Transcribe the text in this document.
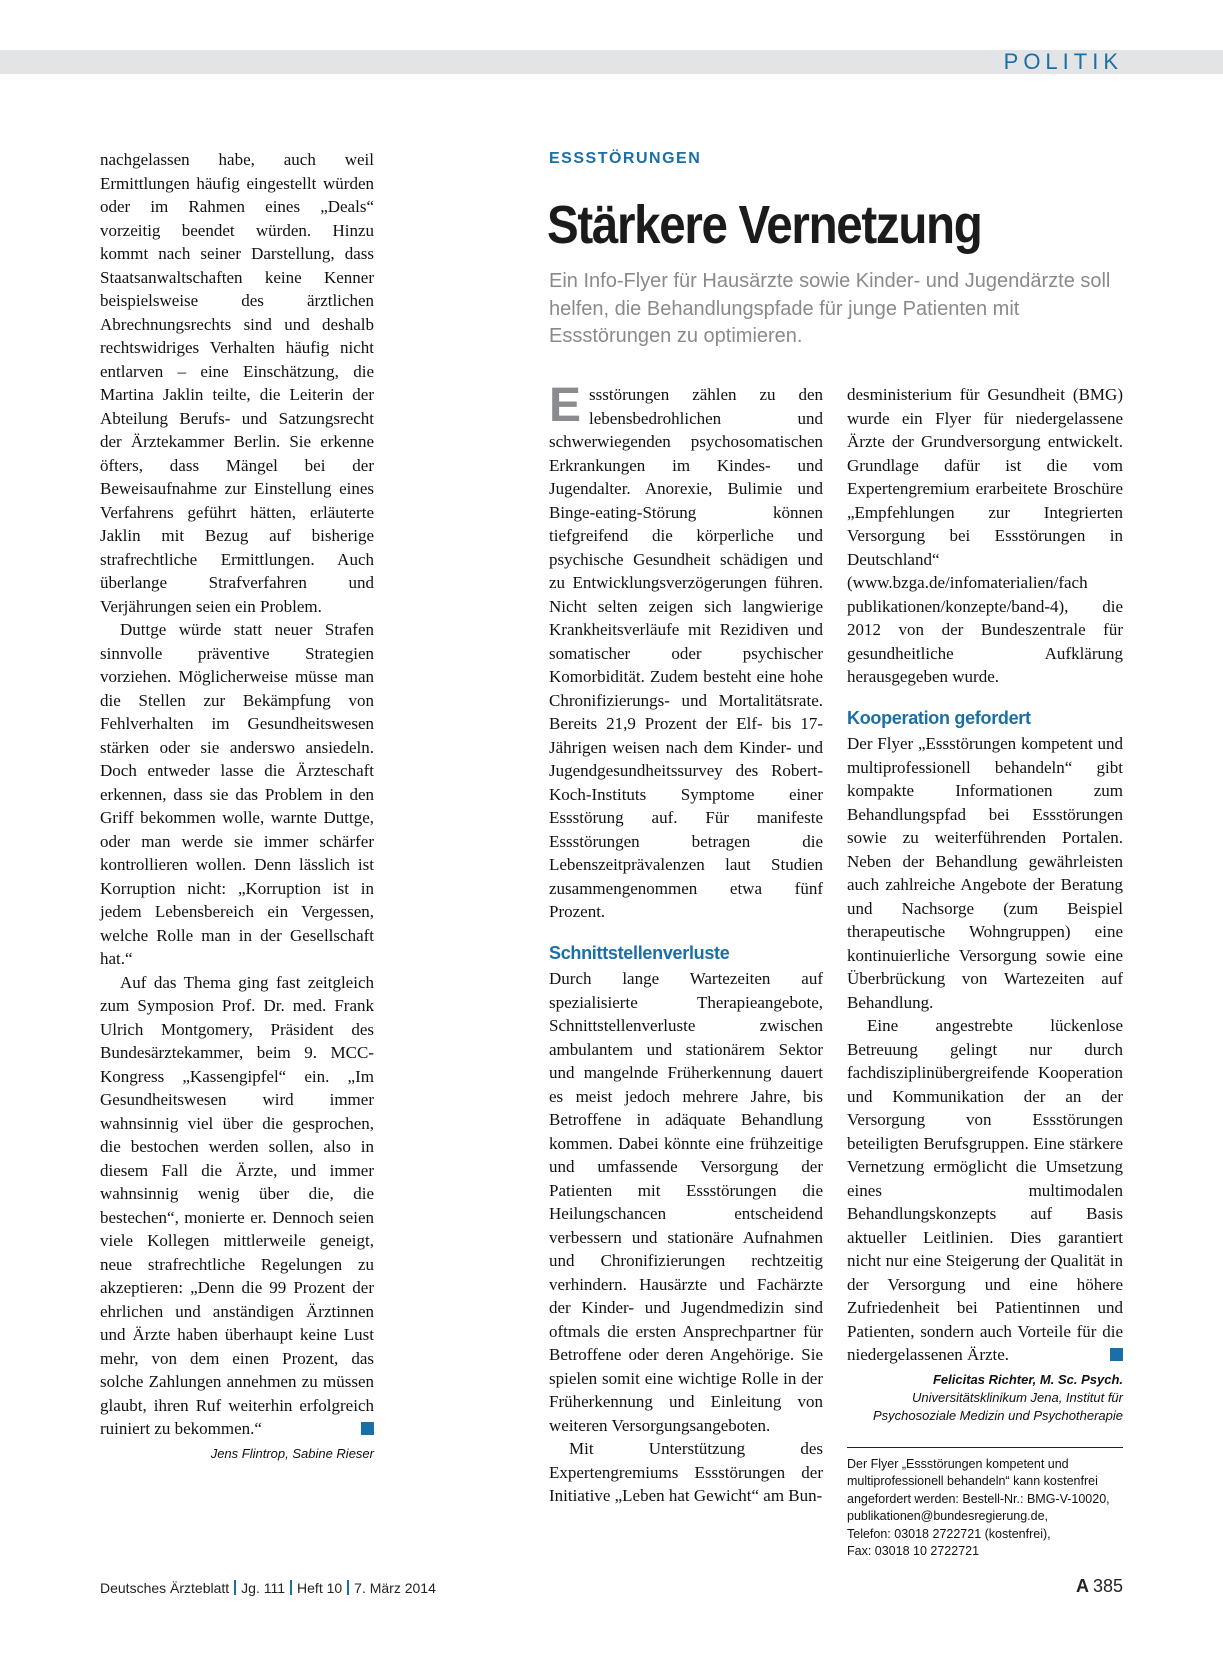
POLITIK

nachgelassen habe, auch weil Ermittlungen häufig eingestellt würden oder im Rahmen eines „Deals“ vorzeitig beendet würden. Hinzu kommt nach seiner Darstellung, dass Staatsanwaltschaften keine Kenner beispielsweise des ärztlichen Abrechnungsrechts sind und deshalb rechtswidriges Verhalten häufig nicht entlarven – eine Einschätzung, die Martina Jaklin teilte, die Leiterin der Abteilung Berufs- und Satzungsrecht der Ärztekammer Berlin. Sie erkenne öfters, dass Mängel bei der Beweisaufnahme zur Einstellung eines Verfahrens geführt hätten, erläuterte Jaklin mit Bezug auf bisherige strafrechtliche Ermittlungen. Auch überlange Strafverfahren und Verjährungen seien ein Problem.

Duttge würde statt neuer Strafen sinnvolle präventive Strategien vorziehen. Möglicherweise müsse man die Stellen zur Bekämpfung von Fehlverhalten im Gesundheitswesen stärken oder sie anderswo ansiedeln. Doch entweder lasse die Ärzteschaft erkennen, dass sie das Problem in den Griff bekommen wolle, warnte Duttge, oder man werde sie immer schärfer kontrollieren wollen. Denn lässlich ist Korruption nicht: „Korruption ist in jedem Lebensbereich ein Vergessen, welche Rolle man in der Gesellschaft hat.“

Auf das Thema ging fast zeitgleich zum Symposion Prof. Dr. med. Frank Ulrich Montgomery, Präsident des Bundesärztekammer, beim 9. MCC-Kongress „Kassengipfel“ ein. „Im Gesundheitswesen wird immer wahnsinnig viel über die gesprochen, die bestochen werden sollen, also in diesem Fall die Ärzte, und immer wahnsinnig wenig über die, die bestechen“, monierte er. Dennoch seien viele Kollegen mittlerweile geneigt, neue strafrechtliche Regelungen zu akzeptieren: „Denn die 99 Prozent der ehrlichen und anständigen Ärztinnen und Ärzte haben überhaupt keine Lust mehr, von dem einen Prozent, das solche Zahlungen annehmen zu müssen glaubt, ihren Ruf weiterhin erfolgreich ruiniert zu bekommen.“

Jens Flintrop, Sabine Rieser
ESSSTÖRUNGEN
Stärkere Vernetzung
Ein Info-Flyer für Hausärzte sowie Kinder- und Jugendärzte soll helfen, die Behandlungspfade für junge Patienten mit Essstörungen zu optimieren.

E ssstörungen zählen zu den lebensbedrohlichen und schwerwiegenden psychosomatischen Erkrankungen im Kindes- und Jugendalter. Anorexie, Bulimie und Binge-eating-Störung können tiefgreifend die körperliche und psychische Gesundheit schädigen und zu Entwicklungsverzögerungen führen. Nicht selten zeigen sich langwierige Krankheitsverläufe mit Rezidiven und somatischer oder psychischer Komorbidität. Zudem besteht eine hohe Chronifizierungs- und Mortalitätsrate. Bereits 21,9 Prozent der Elf- bis 17-Jährigen weisen nach dem Kinder- und Jugendgesundheitssurvey des Robert-Koch-Instituts Symptome einer Essstörung auf. Für manifeste Essstörungen betragen die Lebenszeitprävalenzen laut Studien zusammengenommen etwa fünf Prozent.

Schnittstellenverluste

Durch lange Wartezeiten auf spezialisierte Therapieangebote, Schnittstellenverluste zwischen ambulantem und stationärem Sektor und mangelnde Früherkennung dauert es meist jedoch mehrere Jahre, bis Betroffene in adäquate Behandlung kommen. Dabei könnte eine frühzeitige und umfassende Versorgung der Patienten mit Essstörungen die Heilungschancen entscheidend verbessern und stationäre Aufnahmen und Chronifizierungen rechtzeitig verhindern. Hausärzte und Fachärzte der Kinder- und Jugendmedizin sind oftmals die ersten Ansprechpartner für Betroffene oder deren Angehörige. Sie spielen somit eine wichtige Rolle in der Früherkennung und Einleitung von weiteren Versorgungsangeboten.

Mit Unterstützung des Expertengremiums Essstörungen der Initiative „Leben hat Gewicht“ am Bun-

desministerium für Gesundheit (BMG) wurde ein Flyer für niedergelassene Ärzte der Grundversorgung entwickelt. Grundlage dafür ist die vom Expertengremium erarbeitete Broschüre „Empfehlungen zur Integrierten Versorgung bei Essstörungen in Deutschland“ (www.bzga.de/infomaterialien/fach publikationen/konzepte/band-4), die 2012 von der Bundeszentrale für gesundheitliche Aufklärung herausgegeben wurde.

Kooperation gefordert

Der Flyer „Essstörungen kompetent und multiprofessionell behandeln“ gibt kompakte Informationen zum Behandlungspfad bei Essstörungen sowie zu weiterführenden Portalen. Neben der Behandlung gewährleisten auch zahlreiche Angebote der Beratung und Nachsorge (zum Beispiel therapeutische Wohngruppen) eine kontinuierliche Versorgung sowie eine Überbrückung von Wartezeiten auf Behandlung.

Eine angestrebte lückenlose Betreuung gelingt nur durch fachdisziplinübergreifende Kooperation und Kommunikation der an der Versorgung von Essstörungen beteiligten Berufsgruppen. Eine stärkere Vernetzung ermöglicht die Umsetzung eines multimodalen Behandlungskonzepts auf Basis aktueller Leitlinien. Dies garantiert nicht nur eine Steigerung der Qualität in der Versorgung und eine höhere Zufriedenheit bei Patientinnen und Patienten, sondern auch Vorteile für die niedergelassenen Ärzte.

Felicitas Richter, M. Sc. Psych.
Universitätsklinikum Jena, Institut für Psychosoziale Medizin und Psychotherapie
Der Flyer „Essstörungen kompetent und
multiprofessionell behandeln“ kann kostenfrei
angefordert werden: Bestell-Nr.: BMG-V-10020,
publikationen@bundesregierung.de,
Telefon: 03018 2722721 (kostenfrei),
Fax: 03018 10 2722721
Deutsches Ärzteblatt Jg. 111 Heft 10 7. März 2014	A 385
